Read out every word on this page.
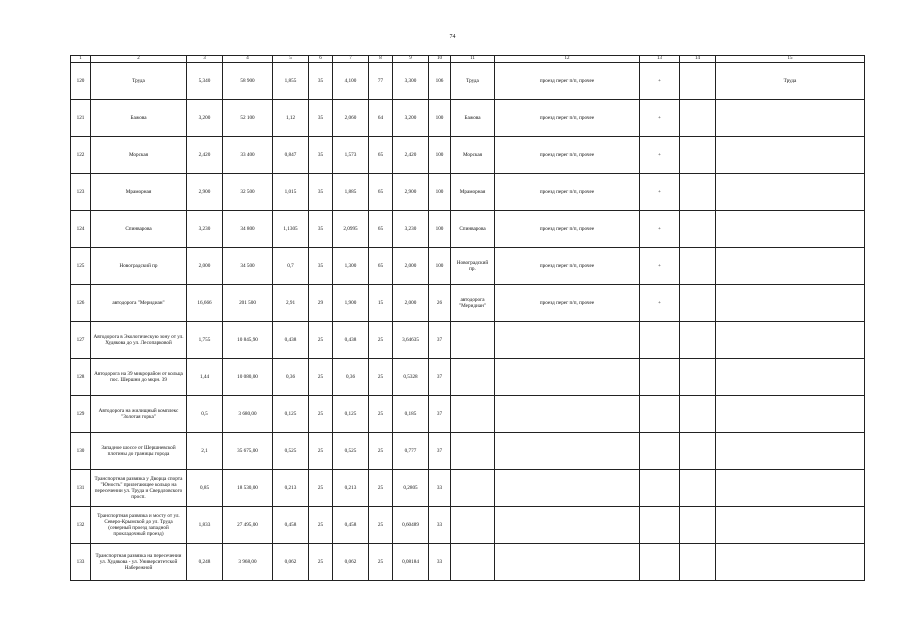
74
1	2	3	4	5	6	7	8	9	10	11	12	13	14	15
120	Труда	5,340	58 900	1,855	35	4,100	77	3,300	106	Труда	проезд перег п/п, прочее	+		Труда
121	Бажова	3,200	52 100	1,12	35	2,060	64	3,200	100	Бажова	проезд перег п/п, прочее	+		
122	Морская	2,420	33 400	0,847	35	1,573	65	2,420	100	Морская	проезд перег п/п, прочее	+		
123	Мраморная	2,900	32 500	1,015	35	1,885	65	2,900	100	Мраморная	проезд перег п/п, прочее	+		
124	Спинварова	3,230	34 800	1,1305	35	2,0995	65	3,230	100	Спинварова	проезд перег п/п, прочее	+		
125	Новоградский пр	2,000	34 500	0,7	35	1,300	65	2,000	100	Новоградский пр.	проезд перег п/п, прочее	+		
126	автодорога "Меридиан"	16,666	201 500	2,91	29	1,900	15	2,000	26	автодорога "Меридиан"	проезд перег п/п, прочее	+		
127	Автодорога в Экологическую зону от ул. Худякова до ул. Лесопарковой	1,755	10 845,90	0,438	25	0,438	25	3,64635	37					
128	Автодорога на 39 микрорайон от кольца пос. Шершни до мкрн. 39	1,44	10 080,00	0,36	25	0,36	25	0,5328	37					
129	Автодорога на жилищный комплекс "Золотая горка"	0,5	3 680,00	0,125	25	0,125	25	0,185	37					
130	Западное шоссе от Шершневской плотины до границы города	2,1	35 675,00	0,525	25	0,525	25	0,777	37					
131	Транспортная развязка у Дворца спорта "Юность" прилегающее кольцо на пересечении ул. Труда и Свердловского просп.	0,85	18 530,00	0,213	25	0,213	25	0,2805	33					
132	Транспортная развязка и мосту от ул. Северо-Крымской до ул. Труда (северный проезд западной прокладочный проезд)	1,833	27 495,00	0,458	25	0,458	25	0,60489	33					
133	Транспортная развязка на пересечении ул. Худякова - ул. Университетской Набережной	0,248	3 968,00	0,062	25	0,062	25	0,08184	33					
